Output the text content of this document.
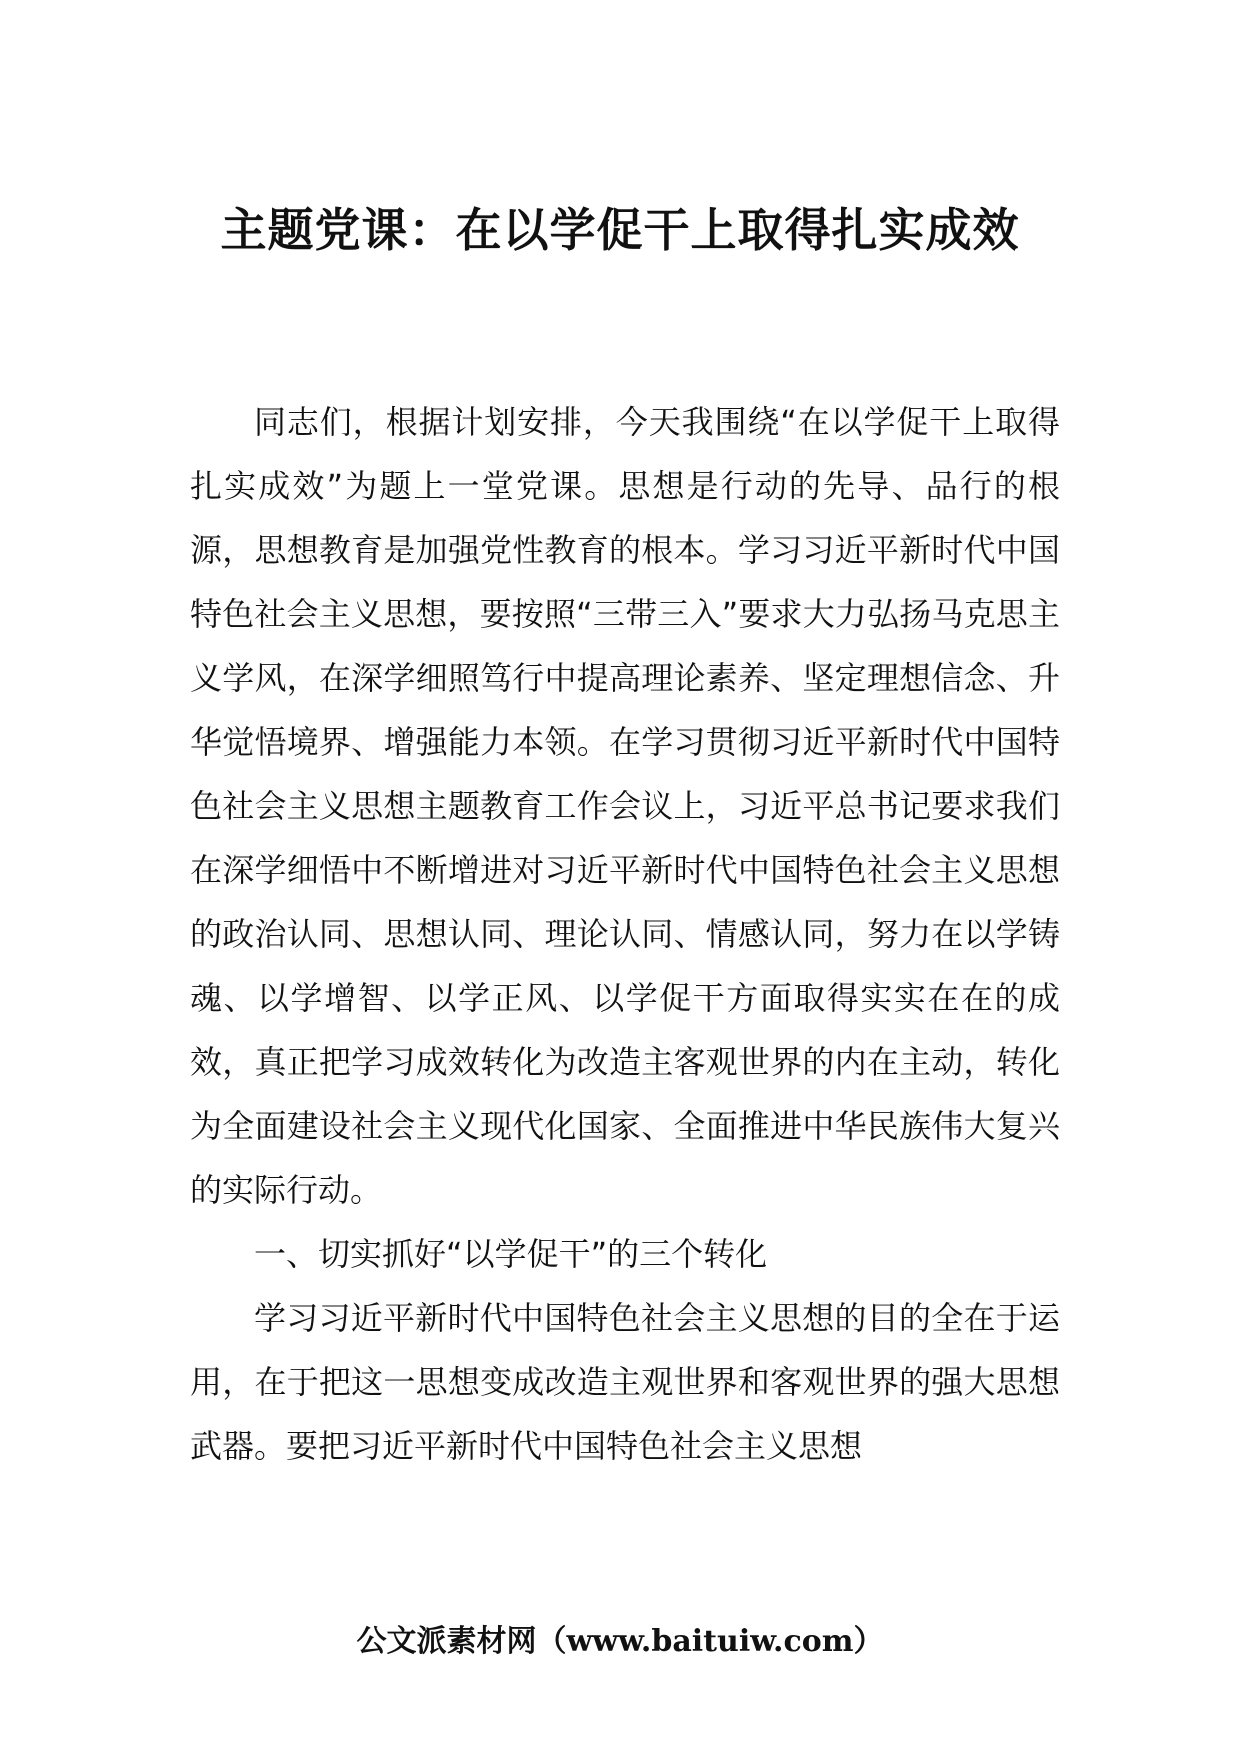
主题党课：在以学促干上取得扎实成效

同志们，根据计划安排，今天我围绕“在以学促干上取得扎实成效”为题上一堂党课。思想是行动的先导、品行的根源，思想教育是加强党性教育的根本。学习习近平新时代中国特色社会主义思想，要按照“三带三入”要求大力弘扬马克思主义学风，在深学细照笃行中提高理论素养、坚定理想信念、升华觉悟境界、增强能力本领。在学习贯彻习近平新时代中国特色社会主义思想主题教育工作会议上，习近平总书记要求我们在深学细悟中不断增进对习近平新时代中国特色社会主义思想的政治认同、思想认同、理论认同、情感认同，努力在以学铸魂、以学增智、以学正风、以学促干方面取得实实在在的成效，真正把学习成效转化为改造主客观世界的内在主动，转化为全面建设社会主义现代化国家、全面推进中华民族伟大复兴的实际行动。

一、切实抓好“以学促干”的三个转化

学习习近平新时代中国特色社会主义思想的目的全在于运用，在于把这一思想变成改造主观世界和客观世界的强大思想武器。要把习近平新时代中国特色社会主义思想

公文派素材网（www.baituiw.com）
